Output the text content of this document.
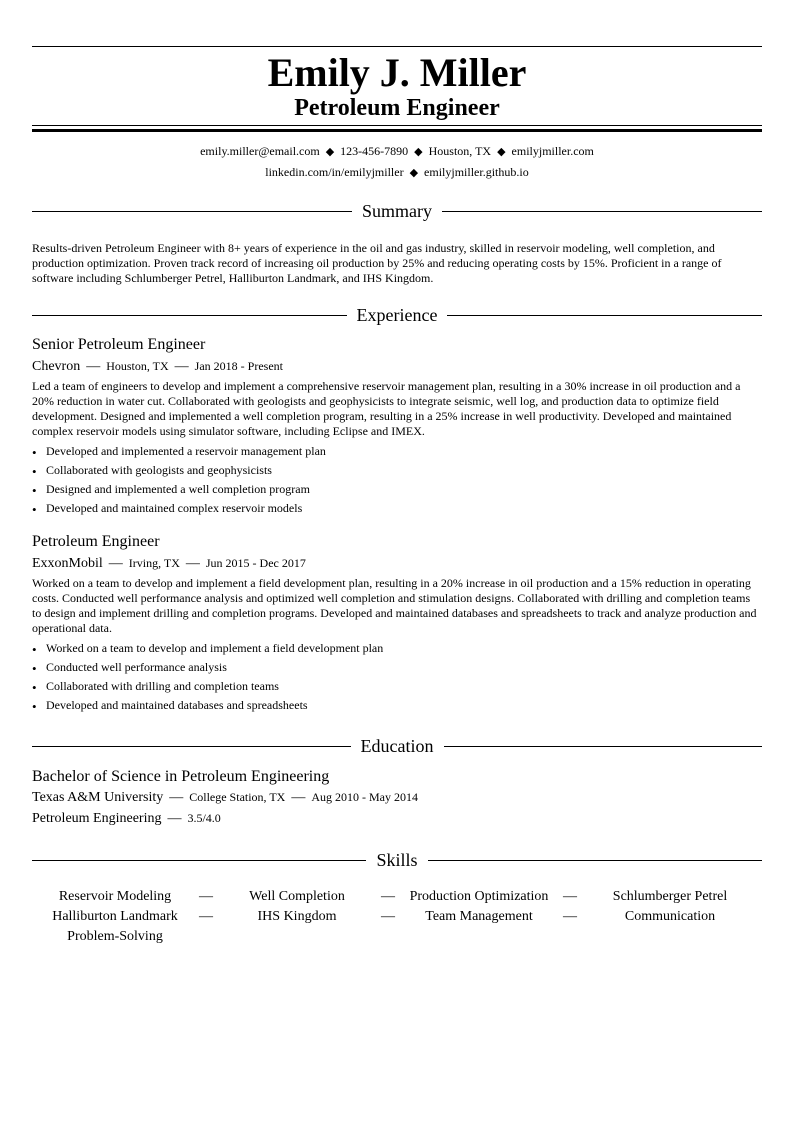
Emily J. Miller
Petroleum Engineer
emily.miller@email.com ◆ 123-456-7890 ◆ Houston, TX ◆ emilyjmiller.com
linkedin.com/in/emilyjmiller ◆ emilyjmiller.github.io
Summary
Results-driven Petroleum Engineer with 8+ years of experience in the oil and gas industry, skilled in reservoir modeling, well completion, and production optimization. Proven track record of increasing oil production by 25% and reducing operating costs by 15%. Proficient in a range of software including Schlumberger Petrel, Halliburton Landmark, and IHS Kingdom.
Experience
Senior Petroleum Engineer
Chevron — Houston, TX — Jan 2018 - Present
Led a team of engineers to develop and implement a comprehensive reservoir management plan, resulting in a 30% increase in oil production and a 20% reduction in water cut. Collaborated with geologists and geophysicists to integrate seismic, well log, and production data to optimize field development. Designed and implemented a well completion program, resulting in a 25% increase in well productivity. Developed and maintained complex reservoir models using simulator software, including Eclipse and IMEX.
• Developed and implemented a reservoir management plan
• Collaborated with geologists and geophysicists
• Designed and implemented a well completion program
• Developed and maintained complex reservoir models
Petroleum Engineer
ExxonMobil — Irving, TX — Jun 2015 - Dec 2017
Worked on a team to develop and implement a field development plan, resulting in a 20% increase in oil production and a 15% reduction in operating costs. Conducted well performance analysis and optimized well completion and stimulation designs. Collaborated with drilling and completion teams to design and implement drilling and completion programs. Developed and maintained databases and spreadsheets to track and analyze production and operational data.
• Worked on a team to develop and implement a field development plan
• Conducted well performance analysis
• Collaborated with drilling and completion teams
• Developed and maintained databases and spreadsheets
Education
Bachelor of Science in Petroleum Engineering
Texas A&M University — College Station, TX — Aug 2010 - May 2014
Petroleum Engineering — 3.5/4.0
Skills
Reservoir Modeling	—	Well Completion	—	Production Optimization	—	Schlumberger Petrel
Halliburton Landmark	—	IHS Kingdom	—	Team Management	—	Communication
Problem-Solving
